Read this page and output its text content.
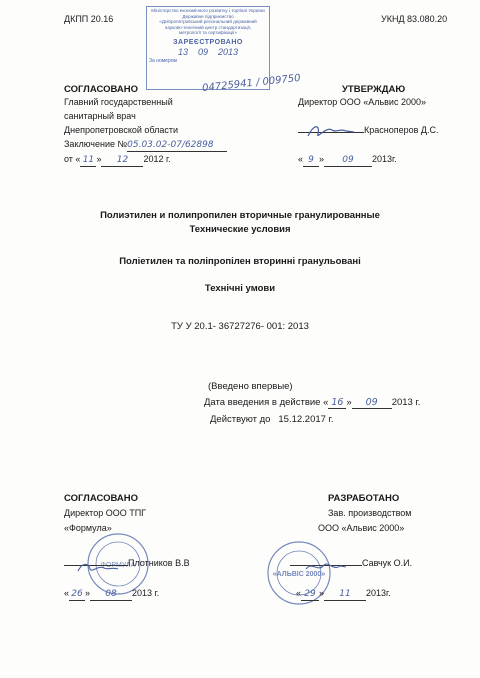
ДКПП 20.16	УКНД 83.080.20
Міністерство економічного розвитку і торгівлі України
Державне підприємство
«Дніпропетровський регіональний державний
науково-технічний центр стандартизації,
метрології та сертифікації»
ЗАРЕЄСТРОВАНО
13 09 2013
За номером
04725941 / 009750
СОГЛАСОВАНО
Главний государственный
санитарный врач
Днепропетровской области
Заключение №05.03.02-07/62898
от « 11 » 12 2012 г.
УТВЕРЖДАЮ
Директор ООО «Альвис 2000»
Красноперов Д.С.
« 9 » 09 2013г.
Полиэтилен и полипропилен вторичные гранулированные
Технические условия
Поліетилен та поліпропілен вторинні гранульовані
Технічні умови
ТУ У 20.1- 36727276- 001: 2013
(Введено впервые)
Дата введения в действие « 16 » 09 2013 г.
Действуют до 15.12.2017 г.
СОГЛАСОВАНО
Директор ООО ТПГ
«Формула»
ФОРМУЛА
Плотников В.В
« 26 » 08 2013 г.
РАЗРАБОТАНО
Зав. производством
ООО «Альвис 2000»
«АЛЬВІС 2000»
Савчук О.И.
« 29 » 11 2013г.
